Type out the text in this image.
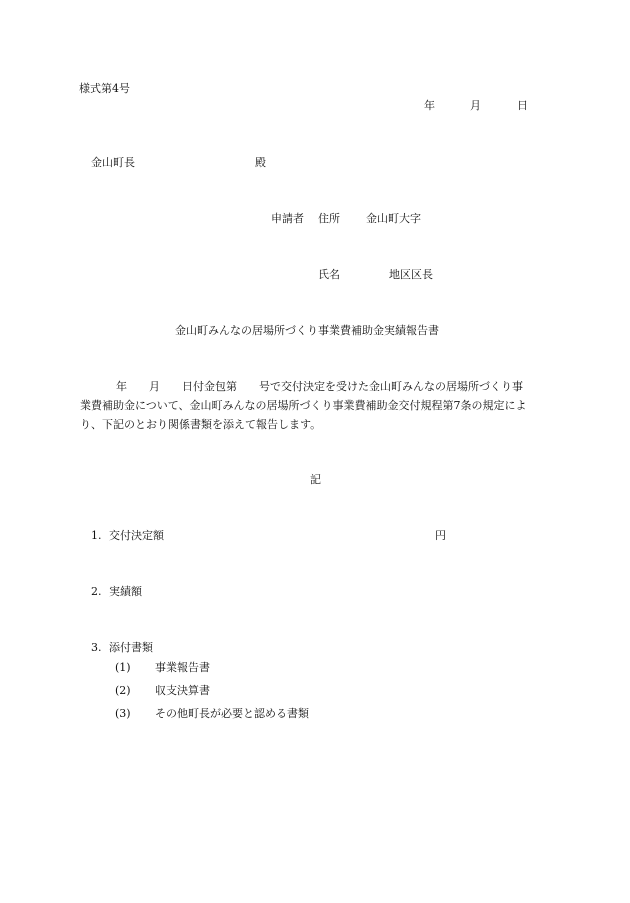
様式第4号
年	月	日
金山町長	殿
申請者 住所 金山町大字
氏名	地区区長
金山町みんなの居場所づくり事業費補助金実績報告書

年　　月　　日付金包第　　号で交付決定を受けた金山町みんなの居場所づくり事

業費補助金について、金山町みんなの居場所づくり事業費補助金交付規程第7条の規定によ

り、下記のとおり関係書類を添えて報告します。

記
1. 交付決定額	円
2. 実績額
3. 添付書類
(1) 事業報告書
(2) 収支決算書
(3) その他町長が必要と認める書類
